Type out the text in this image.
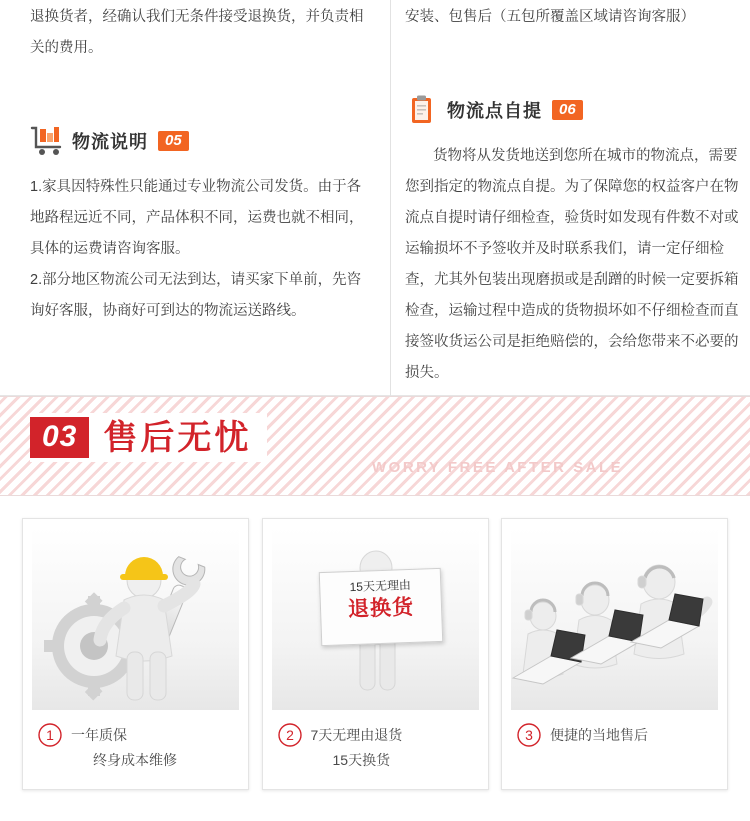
退换货者，经确认我们无条件接受退换货，并负责相关的费用。

物流说明	05

1.家具因特殊性只能通过专业物流公司发货。由于各地路程远近不同，产品体积不同，运费也就不相同，具体的运费请咨询客服。

2.部分地区物流公司无法到达，请买家下单前，先咨询好客服，协商好可到达的物流运送路线。

安装、包售后（五包所覆盖区域请咨询客服）

物流点自提	06

货物将从发货地送到您所在城市的物流点，需要您到指定的物流点自提。为了保障您的权益客户在物流点自提时请仔细检查，验货时如发现有件数不对或运输损坏不予签收并及时联系我们，请一定仔细检查，尤其外包装出现磨损或是刮蹭的时候一定要拆箱检查，运输过程中造成的货物损坏如不仔细检查而直接签收货运公司是拒绝赔偿的，会给您带来不必要的损失。

03 售后无忧
WORRY FREE AFTER SALE
1 一年质保
终身成本维修
15天无理由
退换货
2 7天无理由退货
15天换货
3 便捷的当地售后
